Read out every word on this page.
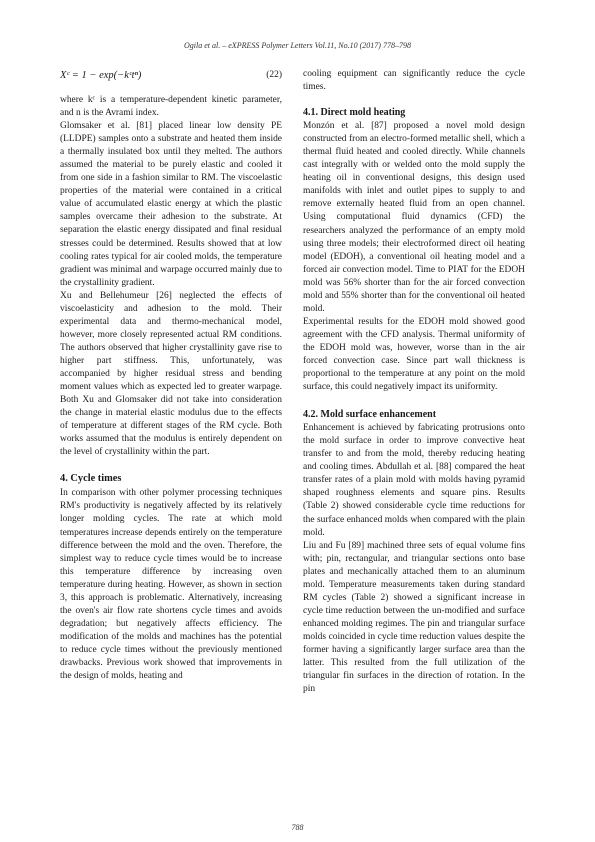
Ogila et al. – eXPRESS Polymer Letters Vol.11, No.10 (2017) 778–798
Xᶜ = 1 − exp(−kᶜtⁿ)	(22)

where kᶜ is a temperature-dependent kinetic parameter, and n is the Avrami index.

Glomsaker et al. [81] placed linear low density PE (LLDPE) samples onto a substrate and heated them inside a thermally insulated box until they melted. The authors assumed the material to be purely elastic and cooled it from one side in a fashion similar to RM. The viscoelastic properties of the material were contained in a critical value of accumulated elastic energy at which the plastic samples overcame their adhesion to the substrate. At separation the elastic energy dissipated and final residual stresses could be determined. Results showed that at low cooling rates typical for air cooled molds, the temperature gradient was minimal and warpage occurred mainly due to the crystallinity gradient.

Xu and Bellehumeur [26] neglected the effects of viscoelasticity and adhesion to the mold. Their experimental data and thermo-mechanical model, however, more closely represented actual RM conditions. The authors observed that higher crystallinity gave rise to higher part stiffness. This, unfortunately, was accompanied by higher residual stress and bending moment values which as expected led to greater warpage. Both Xu and Glomsaker did not take into consideration the change in material elastic modulus due to the effects of temperature at different stages of the RM cycle. Both works assumed that the modulus is entirely dependent on the level of crystallinity within the part.

4. Cycle times

In comparison with other polymer processing techniques RM's productivity is negatively affected by its relatively longer molding cycles. The rate at which mold temperatures increase depends entirely on the temperature difference between the mold and the oven. Therefore, the simplest way to reduce cycle times would be to increase this temperature difference by increasing oven temperature during heating. However, as shown in section 3, this approach is problematic. Alternatively, increasing the oven's air flow rate shortens cycle times and avoids degradation; but negatively affects efficiency. The modification of the molds and machines has the potential to reduce cycle times without the previously mentioned drawbacks. Previous work showed that improvements in the design of molds, heating and

cooling equipment can significantly reduce the cycle times.

4.1. Direct mold heating

Monzón et al. [87] proposed a novel mold design constructed from an electro-formed metallic shell, which a thermal fluid heated and cooled directly. While channels cast integrally with or welded onto the mold supply the heating oil in conventional designs, this design used manifolds with inlet and outlet pipes to supply to and remove externally heated fluid from an open channel. Using computational fluid dynamics (CFD) the researchers analyzed the performance of an empty mold using three models; their electroformed direct oil heating model (EDOH), a conventional oil heating model and a forced air convection model. Time to PIAT for the EDOH mold was 56% shorter than for the air forced convection mold and 55% shorter than for the conventional oil heated mold.

Experimental results for the EDOH mold showed good agreement with the CFD analysis. Thermal uniformity of the EDOH mold was, however, worse than in the air forced convection case. Since part wall thickness is proportional to the temperature at any point on the mold surface, this could negatively impact its uniformity.

4.2. Mold surface enhancement

Enhancement is achieved by fabricating protrusions onto the mold surface in order to improve convective heat transfer to and from the mold, thereby reducing heating and cooling times. Abdullah et al. [88] compared the heat transfer rates of a plain mold with molds having pyramid shaped roughness elements and square pins. Results (Table 2) showed considerable cycle time reductions for the surface enhanced molds when compared with the plain mold.

Liu and Fu [89] machined three sets of equal volume fins with; pin, rectangular, and triangular sections onto base plates and mechanically attached them to an aluminum mold. Temperature measurements taken during standard RM cycles (Table 2) showed a significant increase in cycle time reduction between the un-modified and surface enhanced molding regimes. The pin and triangular surface molds coincided in cycle time reduction values despite the former having a significantly larger surface area than the latter. This resulted from the full utilization of the triangular fin surfaces in the direction of rotation. In the pin

788
